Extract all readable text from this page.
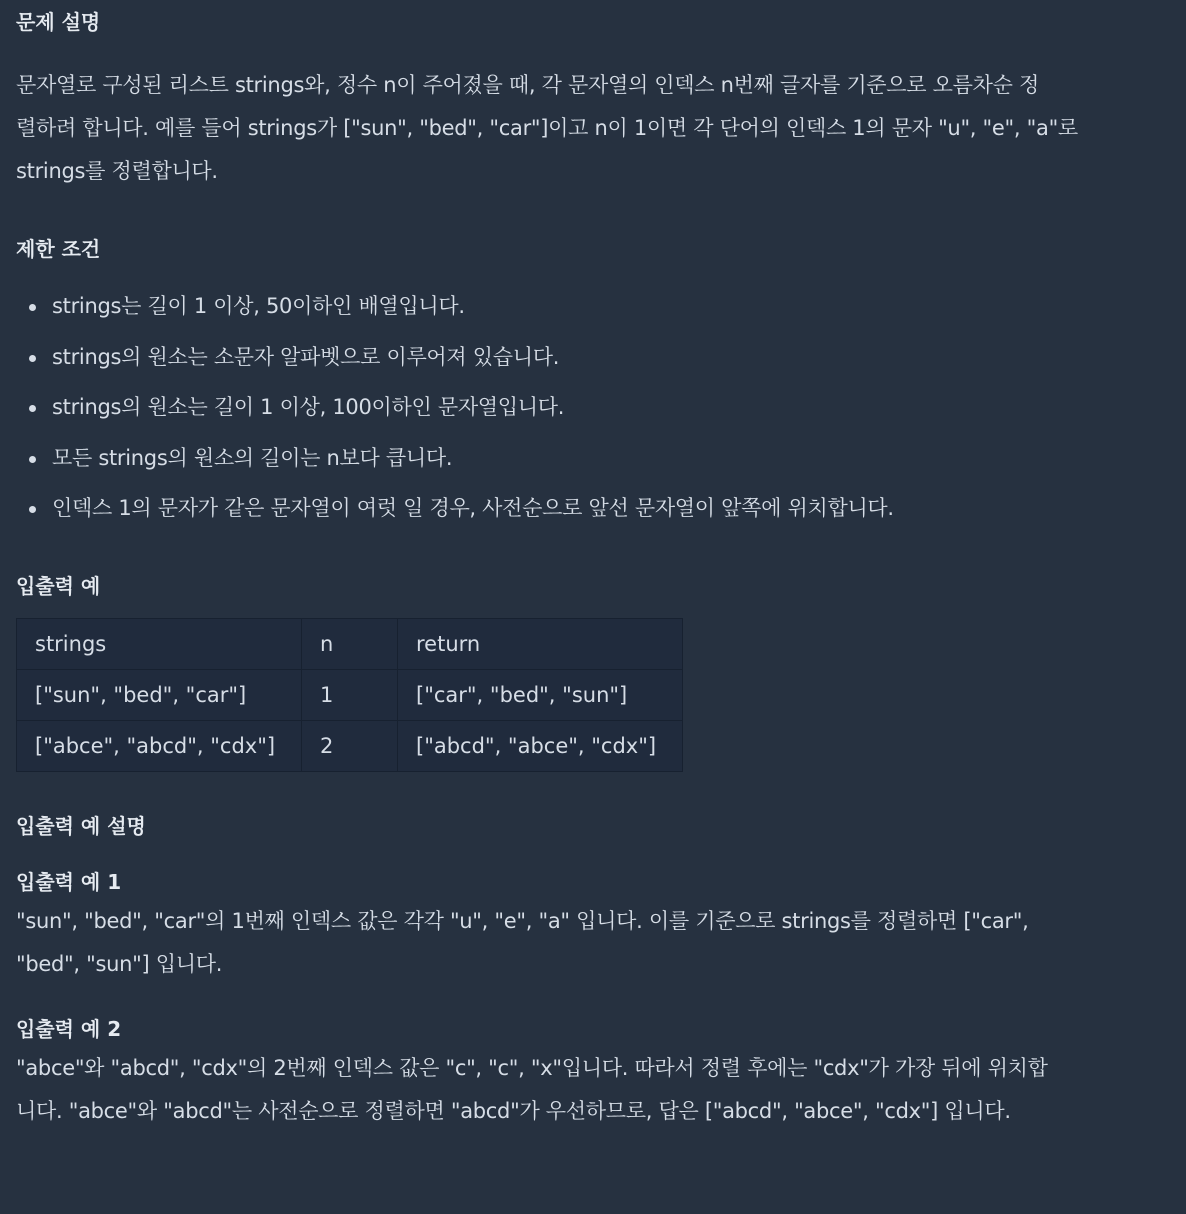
문제 설명

문자열로 구성된 리스트 strings와, 정수 n이 주어졌을 때, 각 문자열의 인덱스 n번째 글자를 기준으로 오름차순 정

렬하려 합니다. 예를 들어 strings가 ["sun", "bed", "car"]이고 n이 1이면 각 단어의 인덱스 1의 문자 "u", "e", "a"로

strings를 정렬합니다.

제한 조건
strings는 길이 1 이상, 50이하인 배열입니다.
strings의 원소는 소문자 알파벳으로 이루어져 있습니다.
strings의 원소는 길이 1 이상, 100이하인 문자열입니다.
모든 strings의 원소의 길이는 n보다 큽니다.
인덱스 1의 문자가 같은 문자열이 여럿 일 경우, 사전순으로 앞선 문자열이 앞쪽에 위치합니다.
입출력 예
strings	n	return
["sun", "bed", "car"]	1	["car", "bed", "sun"]
["abce", "abcd", "cdx"]	2	["abcd", "abce", "cdx"]
입출력 예 설명
입출력 예 1

"sun", "bed", "car"의 1번째 인덱스 값은 각각 "u", "e", "a" 입니다. 이를 기준으로 strings를 정렬하면 ["car",

"bed", "sun"] 입니다.

입출력 예 2

"abce"와 "abcd", "cdx"의 2번째 인덱스 값은 "c", "c", "x"입니다. 따라서 정렬 후에는 "cdx"가 가장 뒤에 위치합

니다. "abce"와 "abcd"는 사전순으로 정렬하면 "abcd"가 우선하므로, 답은 ["abcd", "abce", "cdx"] 입니다.
